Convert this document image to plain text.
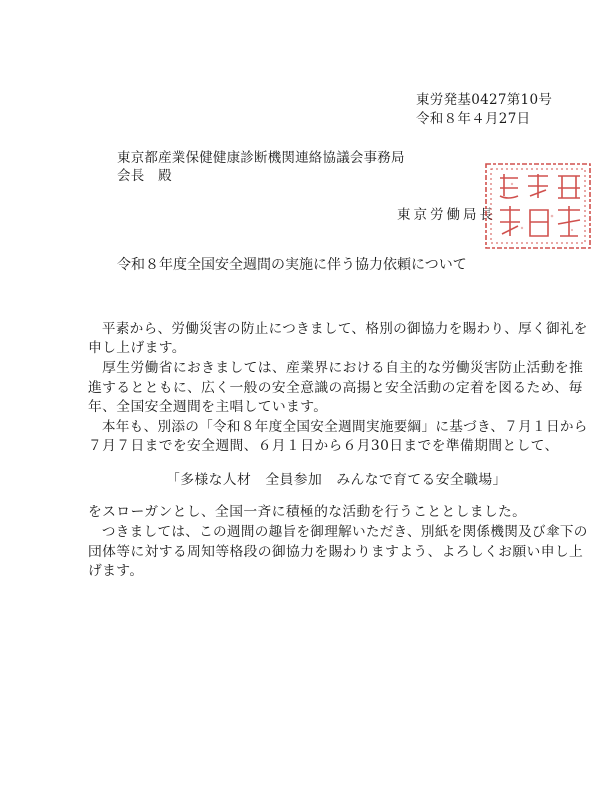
東労発基0427第10号
令和８年４月27日
東京都産業保健健康診断機関連絡協議会事務局
会長　殿
東京労働局長
令和８年度全国安全週間の実施に伴う協力依頼について
　平素から、労働災害の防止につきまして、格別の御協力を賜わり、厚く御礼を
申し上げます。
　厚生労働省におきましては、産業界における自主的な労働災害防止活動を推
進するとともに、広く一般の安全意識の高揚と安全活動の定着を図るため、毎
年、全国安全週間を主唱しています。
　本年も、別添の「令和８年度全国安全週間実施要綱」に基づき、７月１日から
７月７日までを安全週間、６月１日から６月30日までを準備期間として、
「多様な人材　全員参加　みんなで育てる安全職場」
をスローガンとし、全国一斉に積極的な活動を行うこととしました。
　つきましては、この週間の趣旨を御理解いただき、別紙を関係機関及び傘下の
団体等に対する周知等格段の御協力を賜わりますよう、よろしくお願い申し上
げます。
